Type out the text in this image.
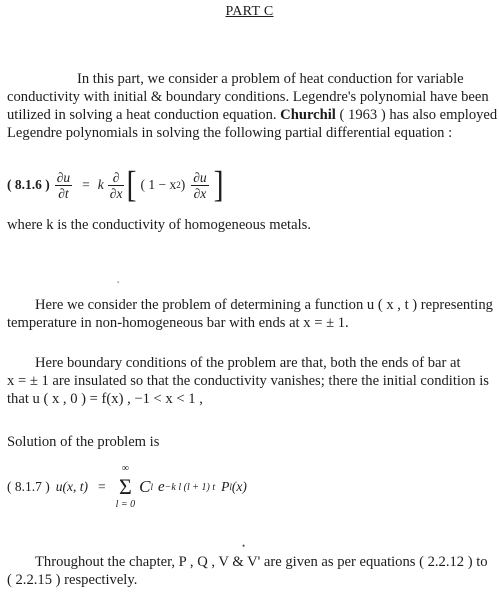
PART C
In this part, we consider a problem of heat conduction for variable
conductivity with initial & boundary conditions. Legendre's polynomial have been
utilized in solving a heat conduction equation. Churchil ( 1963 ) has also employed
Legendre polynomials in solving the following partial differential equation :
( 8.1.6 ) $\frac{\partial u}{\partial t} = k \frac{\partial}{\partial x}$ [ ( 1 − x 2 ) $\frac{\partial u}{\partial x}$ ]
where k is the conductivity of homogeneous metals.
˛
Here we consider the problem of determining a function u ( x , t ) representing
temperature in non-homogeneous bar with ends at x = ± 1.
Here boundary conditions of the problem are that, both the ends of bar at
x = ± 1 are insulated so that the conductivity vanishes; there the initial condition is
that u ( x , 0 ) = f(x) , −1 < x < 1 ,
Solution of the problem is
( 8.1.7 ) u(x, t) =
∞
Σ
l = 0
C l e −k l (l + 1) t P l (x)
•
Throughout the chapter, P , Q , V & V' are given as per equations ( 2.2.12 ) to
( 2.2.15 ) respectively.
